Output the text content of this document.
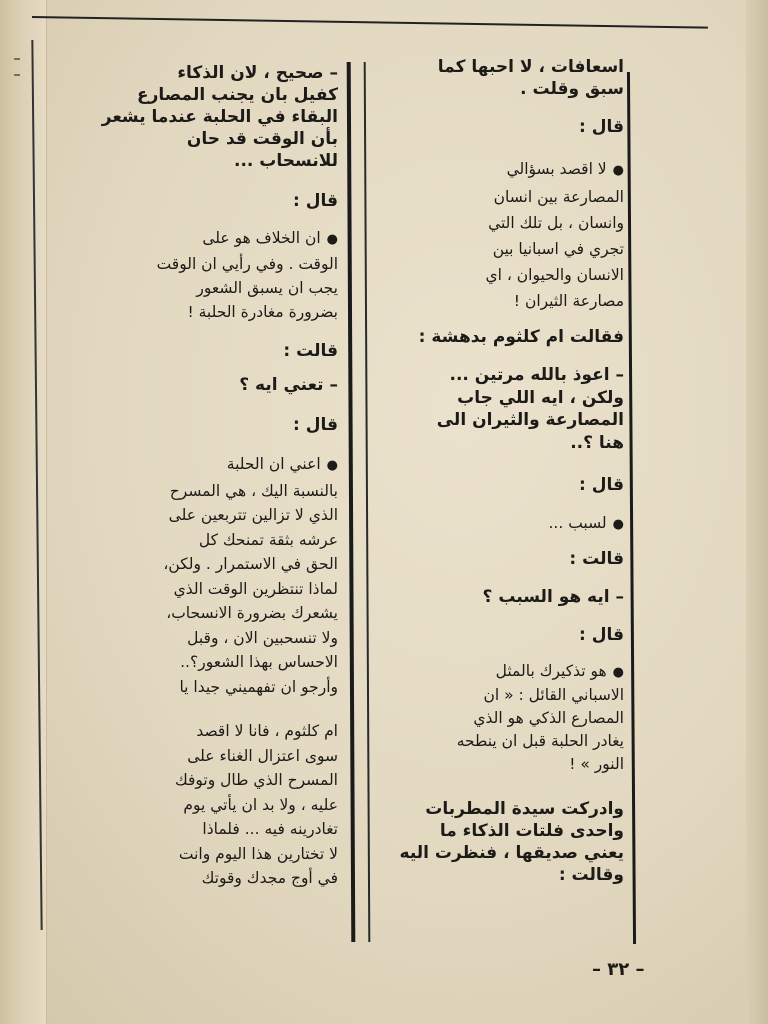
اسعافات ، لا احبها كما
سبق وقلت .
قال :
● لا اقصد بسؤالي
المصارعة بين انسان
وانسان ، بل تلك التي
تجري في اسبانيا بين
الانسان والحيوان ، اي
مصارعة الثيران !
فقالت ام كلثوم بدهشة :
– اعوذ بالله مرتين ...
ولكن ، ايه اللي جاب
المصارعة والثيران الى
هنا ؟..
قال :
● لسبب ...
قالت :
– ايه هو السبب ؟
قال :
● هو تذكيرك بالمثل
الاسباني القائل : « ان
المصارع الذكي هو الذي
يغادر الحلبة قبل ان ينطحه
النور » !
وادركت سيدة المطربات
واحدى فلتات الذكاء ما
يعني صديقها ، فنظرت اليه
وقالت :
– صحيح ، لان الذكاء
كفيل بان يجنب المصارع
البقاء في الحلبة عندما يشعر
بأن الوقت قد حان
للانسحاب ...
قال :
● ان الخلاف هو على
الوقت . وفي رأيي ان الوقت
يجب ان يسبق الشعور
بضرورة مغادرة الحلبة !
قالت :
– تعني ايه ؟
قال :
● اعني ان الحلبة
بالنسبة اليك ، هي المسرح
الذي لا تزالين تتربعين على
عرشه بثقة تمنحك كل
الحق في الاستمرار . ولكن،
لماذا تنتظرين الوقت الذي
يشعرك بضرورة الانسحاب،
ولا تنسحبين الان ، وقبل
الاحساس بهذا الشعور؟..
وأرجو ان تفهميني جيدا يا
ام كلثوم ، فانا لا اقصد
سوى اعتزال الغناء على
المسرح الذي طال وتوفك
عليه ، ولا بد ان يأتي يوم
تغادرينه فيه ... فلماذا
لا تختارين هذا اليوم وانت
في أوج مجدك وقوتك
– ٣٢ –
